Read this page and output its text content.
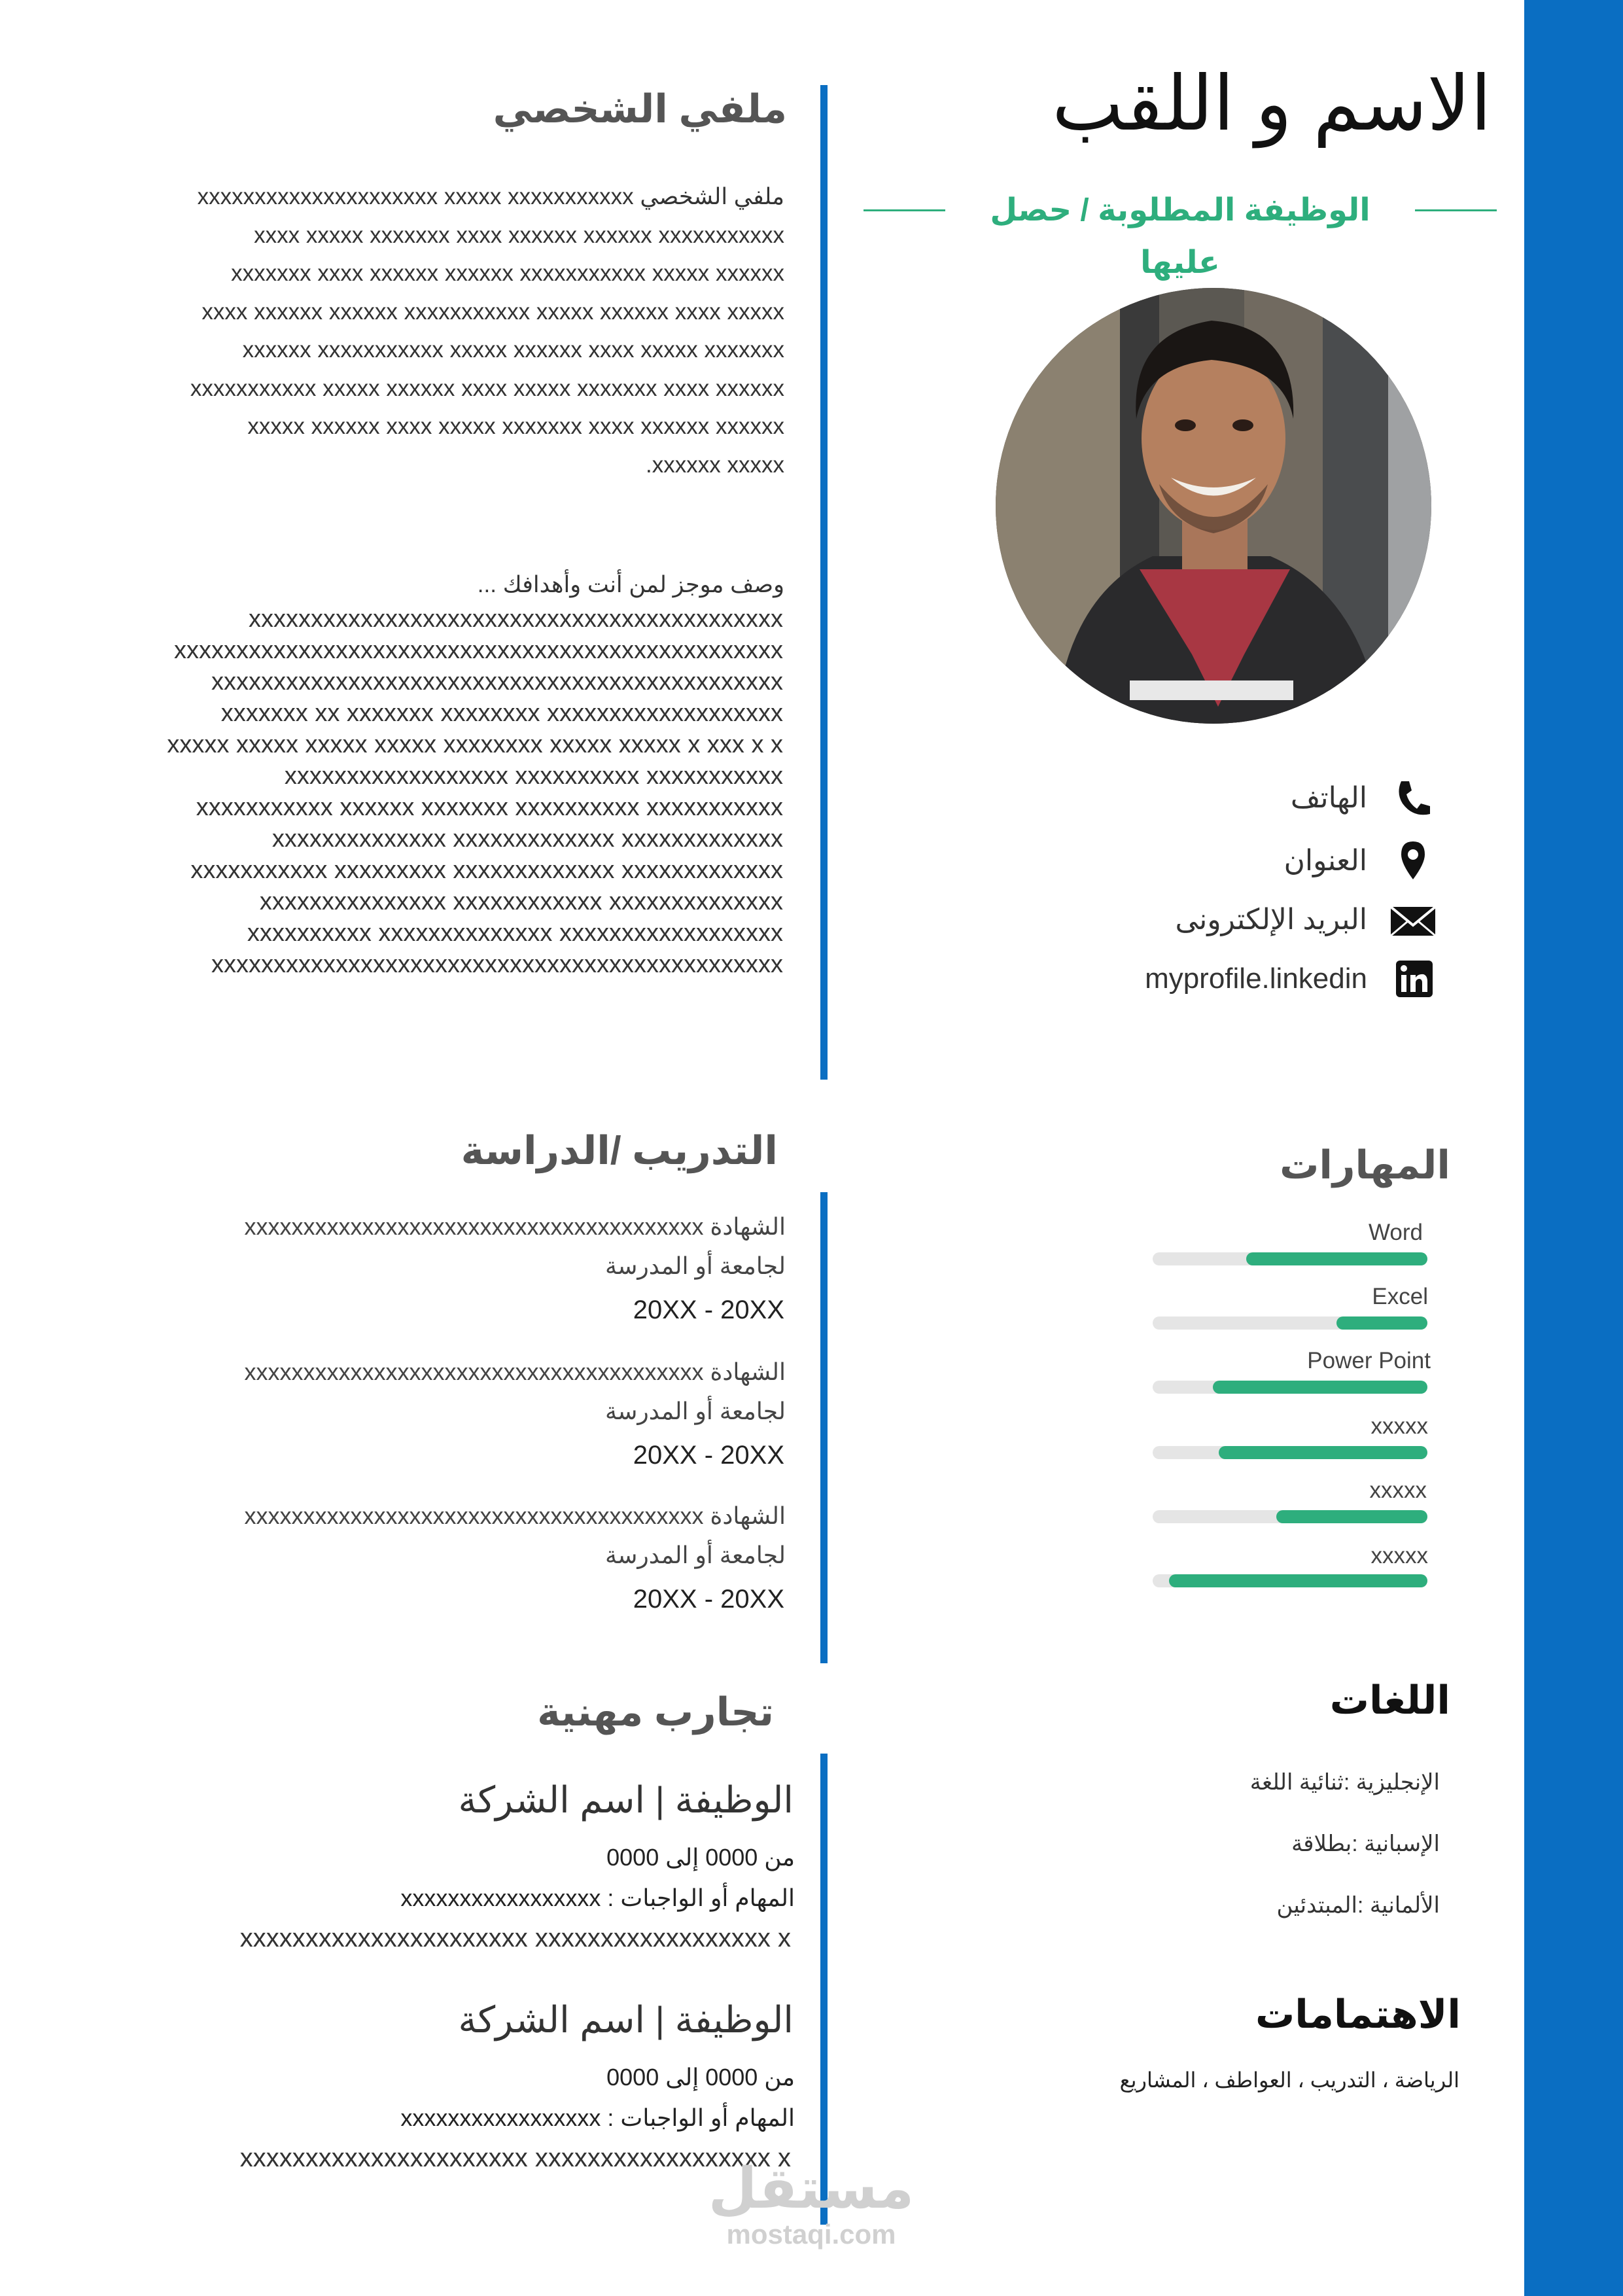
الاسم و اللقب
الوظيفة المطلوبة / حصل عليها
الهاتف
العنوان
البريد الإلكترونى
myprofile.linkedin
ملفي الشخصي
ملفي الشخصي xxxxxxxxxxxxxxxxxxxxx xxxxx xxxxxxxxxxx
xxxx xxxxx xxxxxxx xxxx xxxxxx xxxxxx xxxxxxxxxxx
xxxxxxx xxxx xxxxxx xxxxxx xxxxxxxxxxx xxxxx xxxxxx
xxxx xxxxxx xxxxxx xxxxxxxxxxx xxxxx xxxxxx xxxx xxxxx
xxxxxx xxxxxxxxxxx xxxxx xxxxxx xxxx xxxxx xxxxxxx
xxxxxxxxxxx xxxxx xxxxxx xxxx xxxxx xxxxxxx xxxx xxxxxx
xxxxx xxxxxx xxxx xxxxx xxxxxxx xxxx xxxxxx xxxxxx
xxxxxx xxxxx.
وصف موجز لمن أنت وأهدافك ...
xxxxxxxxxxxxxxxxxxxxxxxxxxxxxxxxxxxxxxxxxxx
xxxxxxxxxxxxxxxxxxxxxxxxxxxxxxxxxxxxxxxxxxxxxxxxx
xxxxxxxxxxxxxxxxxxxxxxxxxxxxxxxxxxxxxxxxxxxxxx
xxxxxxx xx xxxxxxx xxxxxxxx xxxxxxxxxxxxxxxxxxx
xxxxx xxxxx xxxxx xxxxx xxxxxxxx xxxxx xxxxx x xxx x x
xxxxxxxxxxxxxxxxxx xxxxxxxxxx xxxxxxxxxxx
xxxxxxxxxxx xxxxxx xxxxxxx xxxxxxxxxx xxxxxxxxxxx
xxxxxxxxxxxxxx xxxxxxxxxxxxx xxxxxxxxxxxxx
xxxxxxxxxxx xxxxxxxxx xxxxxxxxxxxxx xxxxxxxxxxxxx
xxxxxxxxxxxxxxx xxxxxxxxxxxx xxxxxxxxxxxxxx
xxxxxxxxxx xxxxxxxxxxxxxx xxxxxxxxxxxxxxxxxx
xxxxxxxxxxxxxxxxxxxxxxxxxxxxxxxxxxxxxxxxxxxxxx
المهارات
Word
Excel
Power Point
xxxxx
xxxxx
xxxxx
اللغات
الإنجليزية :ثنائية اللغة
الإسبانية :بطلاقة
الألمانية :المبتدئين
الاهتمامات
الرياضة ، التدريب ، العواطف ، المشاريع
التدريب /الدراسة
الشهادة xxxxxxxxxxxxxxxxxxxxxxxxxxxxxxxxxxxxxxx
لجامعة أو المدرسة
20XX - 20XX
الشهادة xxxxxxxxxxxxxxxxxxxxxxxxxxxxxxxxxxxxxxx
لجامعة أو المدرسة
20XX - 20XX
الشهادة xxxxxxxxxxxxxxxxxxxxxxxxxxxxxxxxxxxxxxx
لجامعة أو المدرسة
20XX - 20XX
تجارب مهنية
الوظيفة | اسم الشركة
من 0000 إلى 0000
المهام أو الواجبات : xxxxxxxxxxxxxxxxx
xxxxxxxxxxxxxxxxxxxxxx xxxxxxxxxxxxxxxxxx x
الوظيفة | اسم الشركة
من 0000 إلى 0000
المهام أو الواجبات : xxxxxxxxxxxxxxxxx
xxxxxxxxxxxxxxxxxxxxxx xxxxxxxxxxxxxxxxxx x
مستقل
mostaqi.com
